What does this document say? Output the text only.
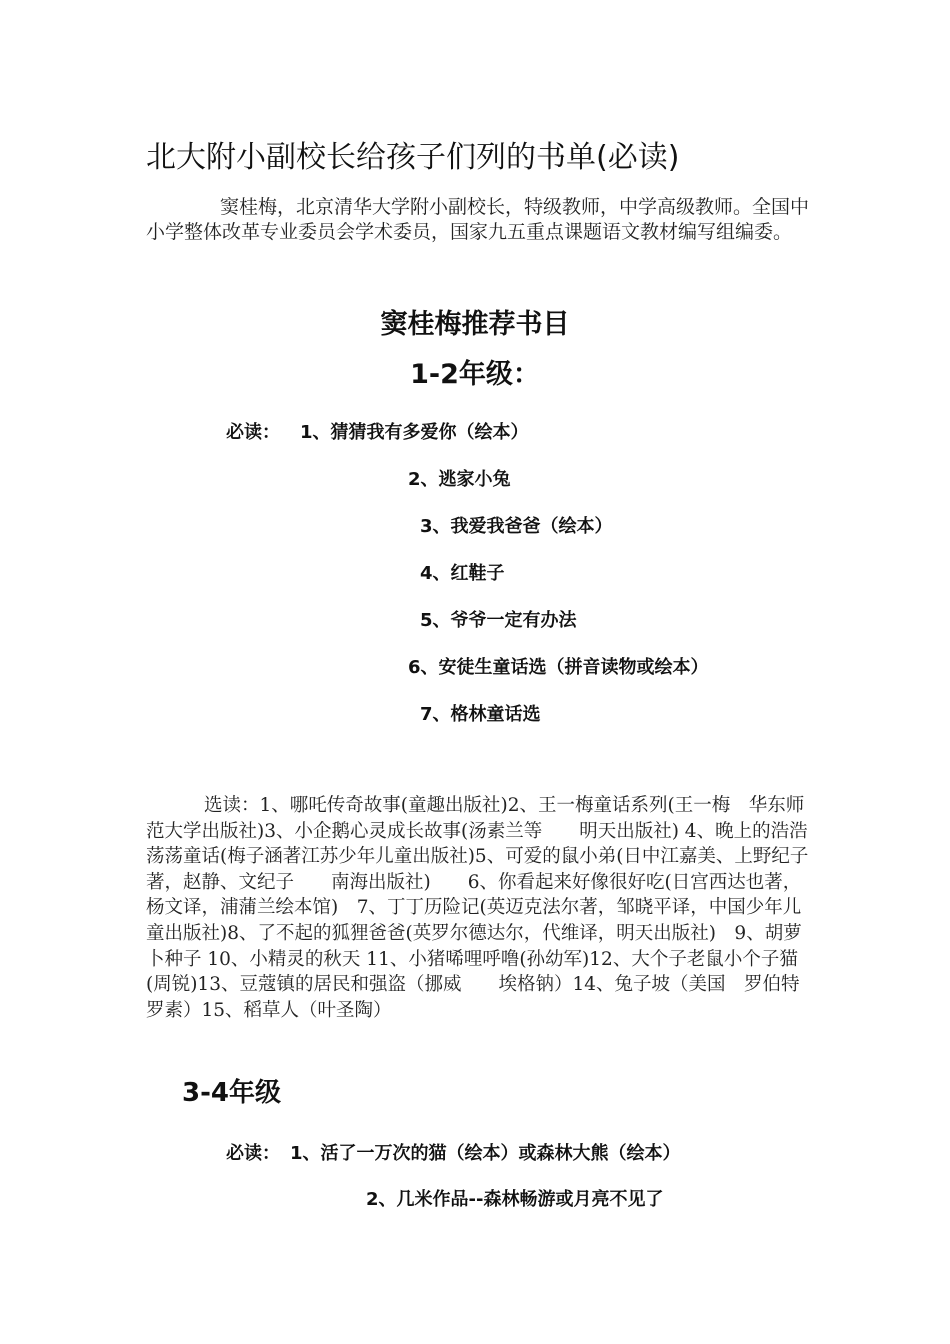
北大附小副校长给孩子们列的书单(必读)
窦桂梅，北京清华大学附小副校长，特级教师，中学高级教师。全国中小学整体改革专业委员会学术委员，国家九五重点课题语文教材编写组编委。
窦桂梅推荐书目
1-2年级：
必读： 1、猜猜我有多爱你（绘本）
2、逃家小兔
3、我爱我爸爸（绘本）
4、红鞋子
5、爷爷一定有办法
6、安徒生童话选（拼音读物或绘本）
7、格林童话选
选读：1、哪吒传奇故事(童趣出版社)2、王一梅童话系列(王一梅　华东师范大学出版社)3、小企鹅心灵成长故事(汤素兰等　　明天出版社) 4、晚上的浩浩荡荡童话(梅子涵著江苏少年儿童出版社)5、可爱的鼠小弟(日中江嘉美、上野纪子著，赵静、文纪子　　南海出版社)　　6、你看起来好像很好吃(日宫西达也著，杨文译，浦蒲兰绘本馆)　7、丁丁历险记(英迈克法尔著，邹晓平译，中国少年儿童出版社)8、了不起的狐狸爸爸(英罗尔德达尔，代维译，明天出版社)　9、胡萝卜种子 10、小精灵的秋天 11、小猪唏哩呼噜(孙幼军)12、大个子老鼠小个子猫(周锐)13、豆蔻镇的居民和强盗（挪威　　埃格钠）14、兔子坡（美国　罗伯特罗素）15、稻草人（叶圣陶）
3-4年级
必读： 1、活了一万次的猫（绘本）或森林大熊（绘本）
2、几米作品--森林畅游或月亮不见了
